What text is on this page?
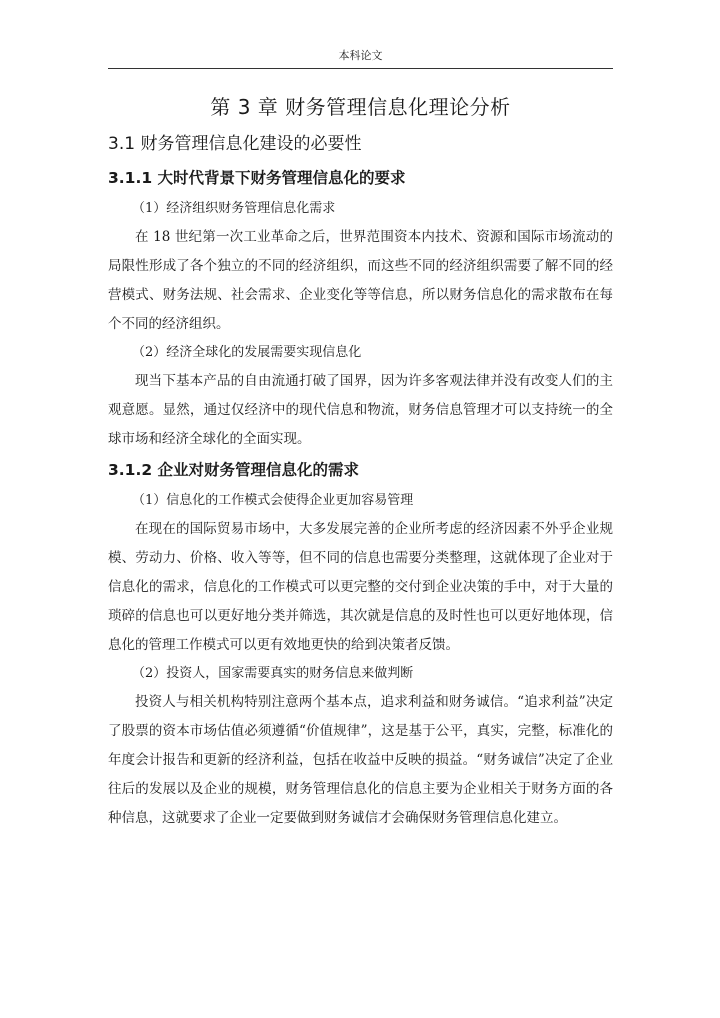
本科论文
第 3 章 财务管理信息化理论分析
3.1 财务管理信息化建设的必要性
3.1.1 大时代背景下财务管理信息化的要求

（1）经济组织财务管理信息化需求

在 18 世纪第一次工业革命之后，世界范围资本内技术、资源和国际市场流动的局限性形成了各个独立的不同的经济组织，而这些不同的经济组织需要了解不同的经营模式、财务法规、社会需求、企业变化等等信息，所以财务信息化的需求散布在每个不同的经济组织。

（2）经济全球化的发展需要实现信息化

现当下基本产品的自由流通打破了国界，因为许多客观法律并没有改变人们的主观意愿。显然，通过仅经济中的现代信息和物流，财务信息管理才可以支持统一的全球市场和经济全球化的全面实现。

3.1.2 企业对财务管理信息化的需求

（1）信息化的工作模式会使得企业更加容易管理

在现在的国际贸易市场中，大多发展完善的企业所考虑的经济因素不外乎企业规模、劳动力、价格、收入等等，但不同的信息也需要分类整理，这就体现了企业对于信息化的需求，信息化的工作模式可以更完整的交付到企业决策的手中，对于大量的琐碎的信息也可以更好地分类并筛选，其次就是信息的及时性也可以更好地体现，信息化的管理工作模式可以更有效地更快的给到决策者反馈。

（2）投资人，国家需要真实的财务信息来做判断

投资人与相关机构特别注意两个基本点，追求利益和财务诚信。“追求利益”决定了股票的资本市场估值必须遵循“价值规律”，这是基于公平，真实，完整，标准化的年度会计报告和更新的经济利益，包括在收益中反映的损益。“财务诚信”决定了企业往后的发展以及企业的规模，财务管理信息化的信息主要为企业相关于财务方面的各种信息，这就要求了企业一定要做到财务诚信才会确保财务管理信息化建立。
